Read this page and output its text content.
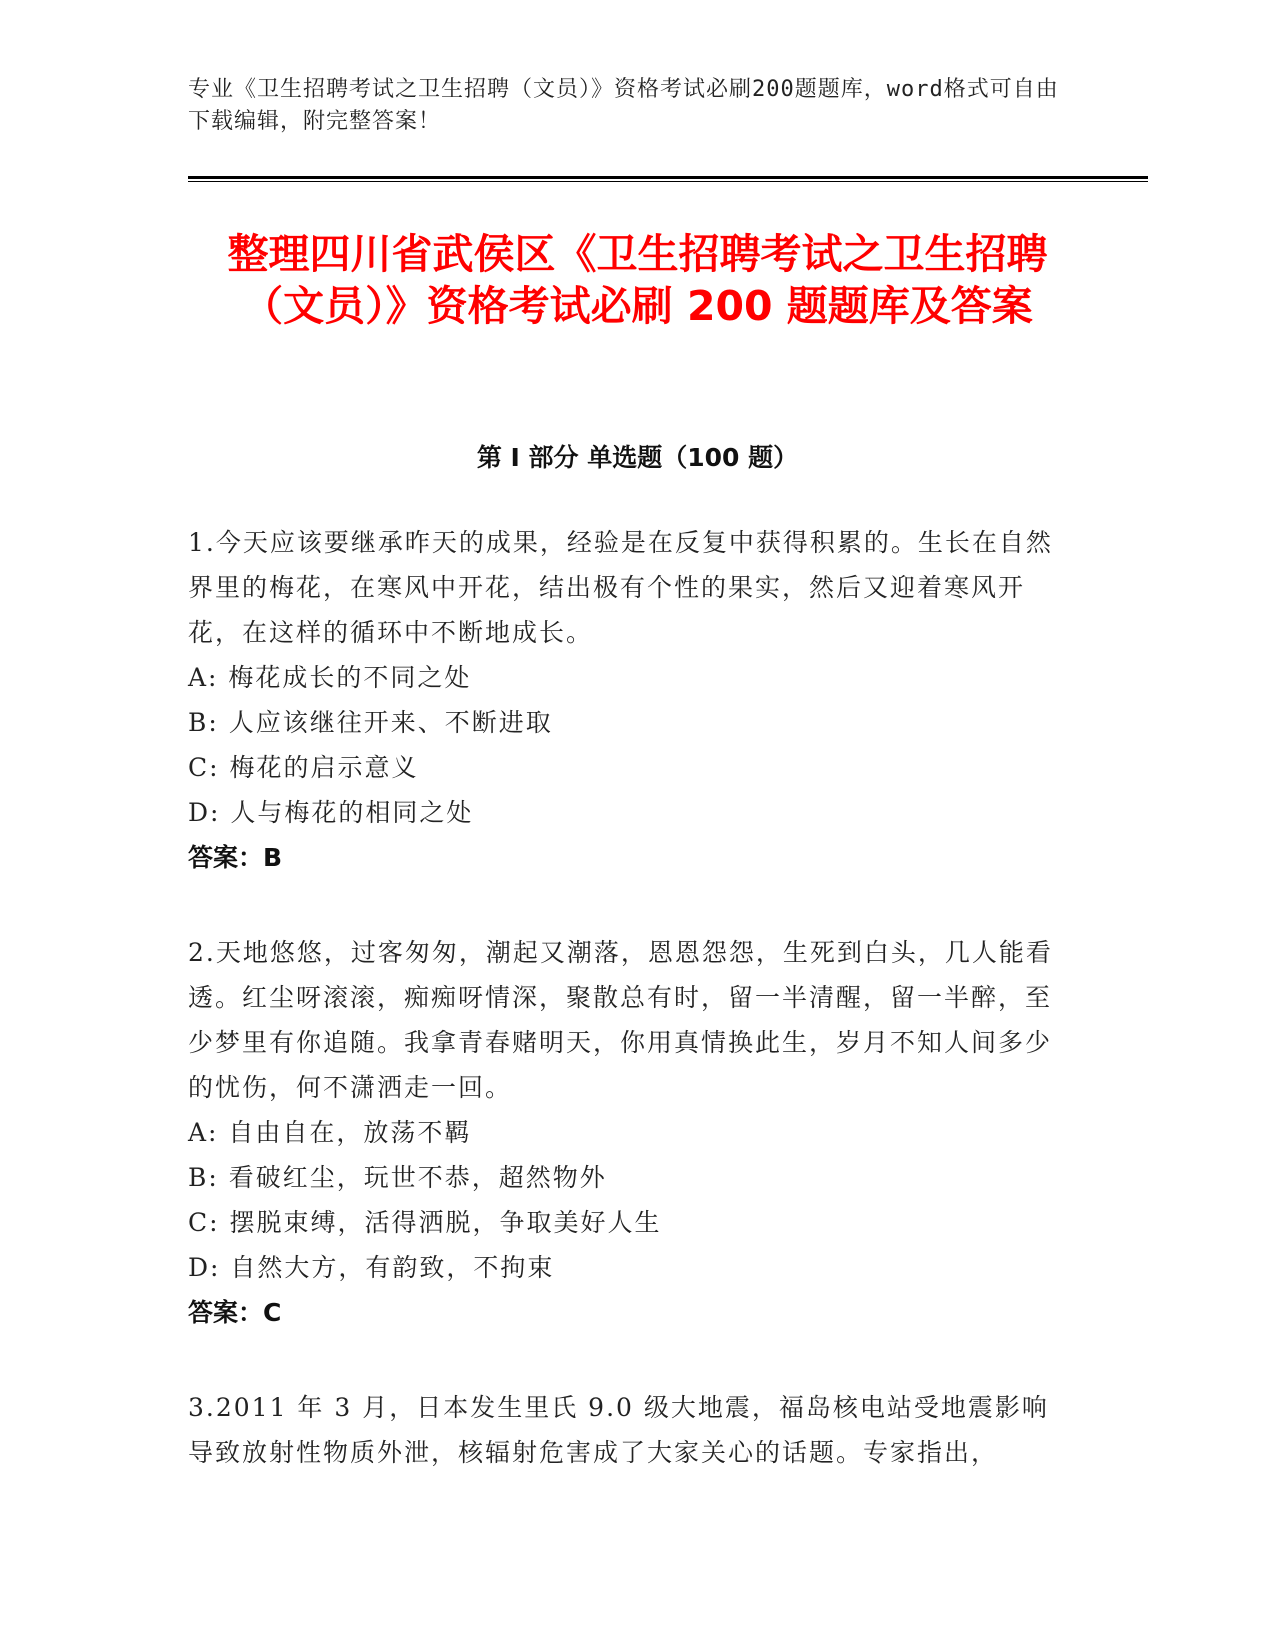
专业《卫生招聘考试之卫生招聘（文员）》资格考试必刷200题题库，word格式可自由下载编辑，附完整答案！
整理四川省武侯区《卫生招聘考试之卫生招聘（文员）》资格考试必刷 200 题题库及答案
第 I 部分 单选题（100 题）
1.今天应该要继承昨天的成果，经验是在反复中获得积累的。生长在自然界里的梅花，在寒风中开花，结出极有个性的果实，然后又迎着寒风开花，在这样的循环中不断地成长。
A: 梅花成长的不同之处
B: 人应该继往开来、不断进取
C: 梅花的启示意义
D: 人与梅花的相同之处
答案：B
2.天地悠悠，过客匆匆，潮起又潮落，恩恩怨怨，生死到白头，几人能看透。红尘呀滚滚，痴痴呀情深，聚散总有时，留一半清醒，留一半醉，至少梦里有你追随。我拿青春赌明天，你用真情换此生，岁月不知人间多少的忧伤，何不潇洒走一回。
A: 自由自在，放荡不羁
B: 看破红尘，玩世不恭，超然物外
C: 摆脱束缚，活得洒脱，争取美好人生
D: 自然大方，有韵致，不拘束
答案：C
3.2011 年 3 月，日本发生里氏 9.0 级大地震，福岛核电站受地震影响导致放射性物质外泄，核辐射危害成了大家关心的话题。专家指出，
